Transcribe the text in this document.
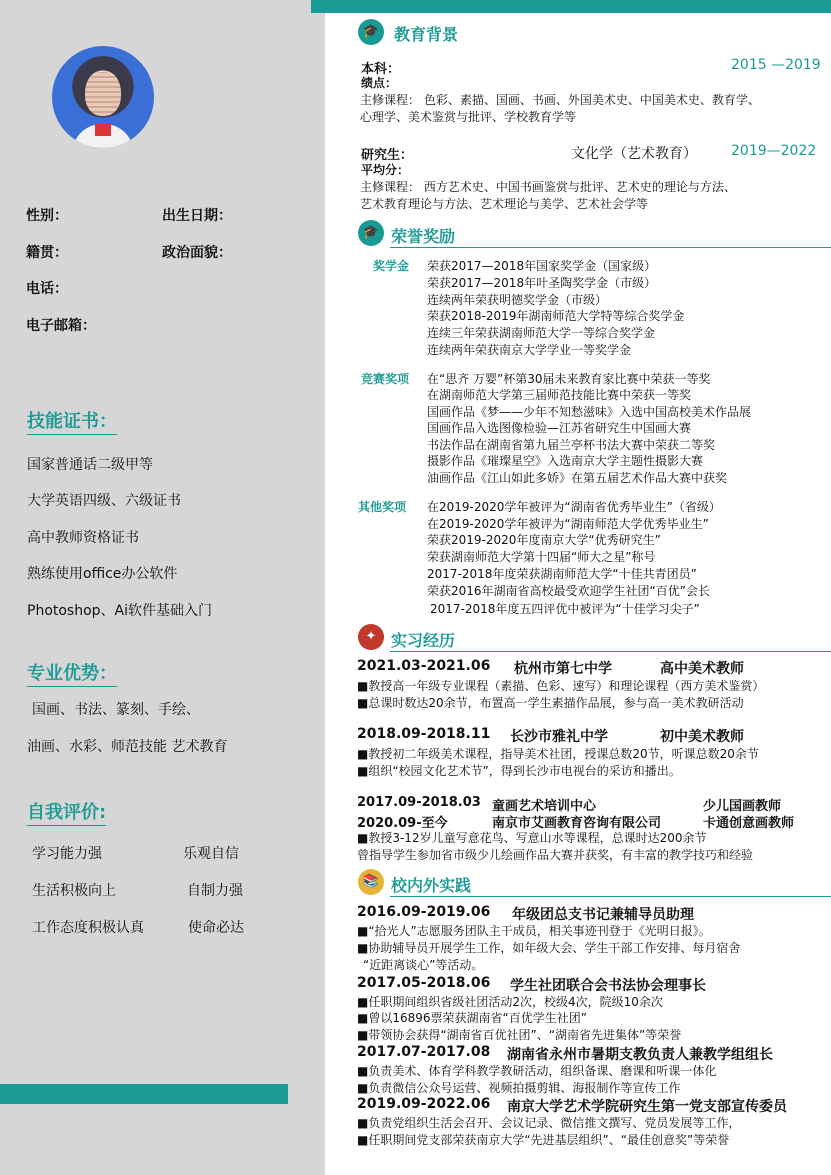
性别：	出生日期：
籍贯：	政治面貌：
电话：
电子邮箱：
技能证书：
国家普通话二级甲等
大学英语四级、六级证书
高中教师资格证书
熟练使用office办公软件
Photoshop、Ai软件基础入门
专业优势：
国画、书法、篆刻、手绘、
油画、水彩、师范技能 艺术教育
自我评价:
学习能力强	乐观自信
生活积极向上	自制力强
工作态度积极认真	使命必达
🎓 教育背景
本科：	2015 —2019
绩点：
主修课程： 色彩、素描、国画、书画、外国美术史、中国美术史、教育学、
心理学、美术鉴赏与批评、学校教育学等
研究生：	文化学（艺术教育） 2019—2022
平均分：
主修课程： 西方艺术史、中国书画鉴赏与批评、艺术史的理论与方法、
艺术教育理论与方法、艺术理论与美学、艺术社会学等
🎓 荣誉奖励
奖学金 荣获2017—2018年国家奖学金（国家级）
荣获2017—2018年叶圣陶奖学金（市级）
连续两年荣获明德奖学金（市级）
荣获2018-2019年湖南师范大学特等综合奖学金
连续三年荣获湖南师范大学一等综合奖学金
连续两年荣获南京大学学业一等奖学金
竞赛奖项 在“思齐 万婴”杯第30届未来教育家比赛中荣获一等奖
在湖南师范大学第三届师范技能比赛中荣获一等奖
国画作品《梦——少年不知愁滋味》入选中国高校美术作品展
国画作品入选图像检验—江苏省研究生中国画大赛
书法作品在湖南省第九届兰亭杯书法大赛中荣获二等奖
摄影作品《璀璨星空》入选南京大学主题性摄影大赛
油画作品《江山如此多娇》在第五届艺术作品大赛中获奖
其他奖项 在2019-2020学年被评为“湖南省优秀毕业生”（省级）
在2019-2020学年被评为“湖南师范大学优秀毕业生”
荣获2019-2020年度南京大学“优秀研究生”
荣获湖南师范大学第十四届“师大之星”称号
2017-2018年度荣获湖南师范大学“十佳共青团员”
荣获2016年湖南省高校最受欢迎学生社团“百优”会长
2017-2018年度五四评优中被评为“十佳学习尖子”
✦ 实习经历
2021.03-2021.06 杭州市第七中学	高中美术教师
■教授高一年级专业课程（素描、色彩、速写）和理论课程（西方美术鉴赏）
■总课时数达20余节，布置高一学生素描作品展，参与高一美术教研活动
2018.09-2018.11 长沙市雅礼中学	初中美术教师
■教授初二年级美术课程，指导美术社团，授课总数20节，听课总数20余节
■组织“校园文化艺术节”，得到长沙市电视台的采访和播出。
2017.09-2018.03 童画艺术培训中心	少儿国画教师
2020.09-至今	南京市艾画教育咨询有限公司	卡通创意画教师
■教授3-12岁儿童写意花鸟、写意山水等课程，总课时达200余节
曾指导学生参加省市级少儿绘画作品大赛并获奖，有丰富的教学技巧和经验
📚 校内外实践
2016.09-2019.06 年级团总支书记兼辅导员助理
■“拾光人”志愿服务团队主干成员，相关事迹刊登于《光明日报》。
■协助辅导员开展学生工作，如年级大会、学生干部工作安排、每月宿舍
“近距离谈心”等活动。
2017.05-2018.06 学生社团联合会书法协会理事长
■任职期间组织省级社团活动2次，校级4次，院级10余次
■曾以16896票荣获湖南省“百优学生社团”
■带领协会获得“湖南省百优社团”、“湖南省先进集体”等荣誉
2017.07-2017.08 湖南省永州市暑期支教负责人兼教学组组长
■负责美术、体育学科教学教研活动，组织备课、磨课和听课一体化
■负责微信公众号运营、视频拍摄剪辑、海报制作等宣传工作
2019.09-2022.06 南京大学艺术学院研究生第一党支部宣传委员
■负责党组织生活会召开、会议记录、微信推文撰写、党员发展等工作，
■任职期间党支部荣获南京大学“先进基层组织”、“最佳创意奖”等荣誉
